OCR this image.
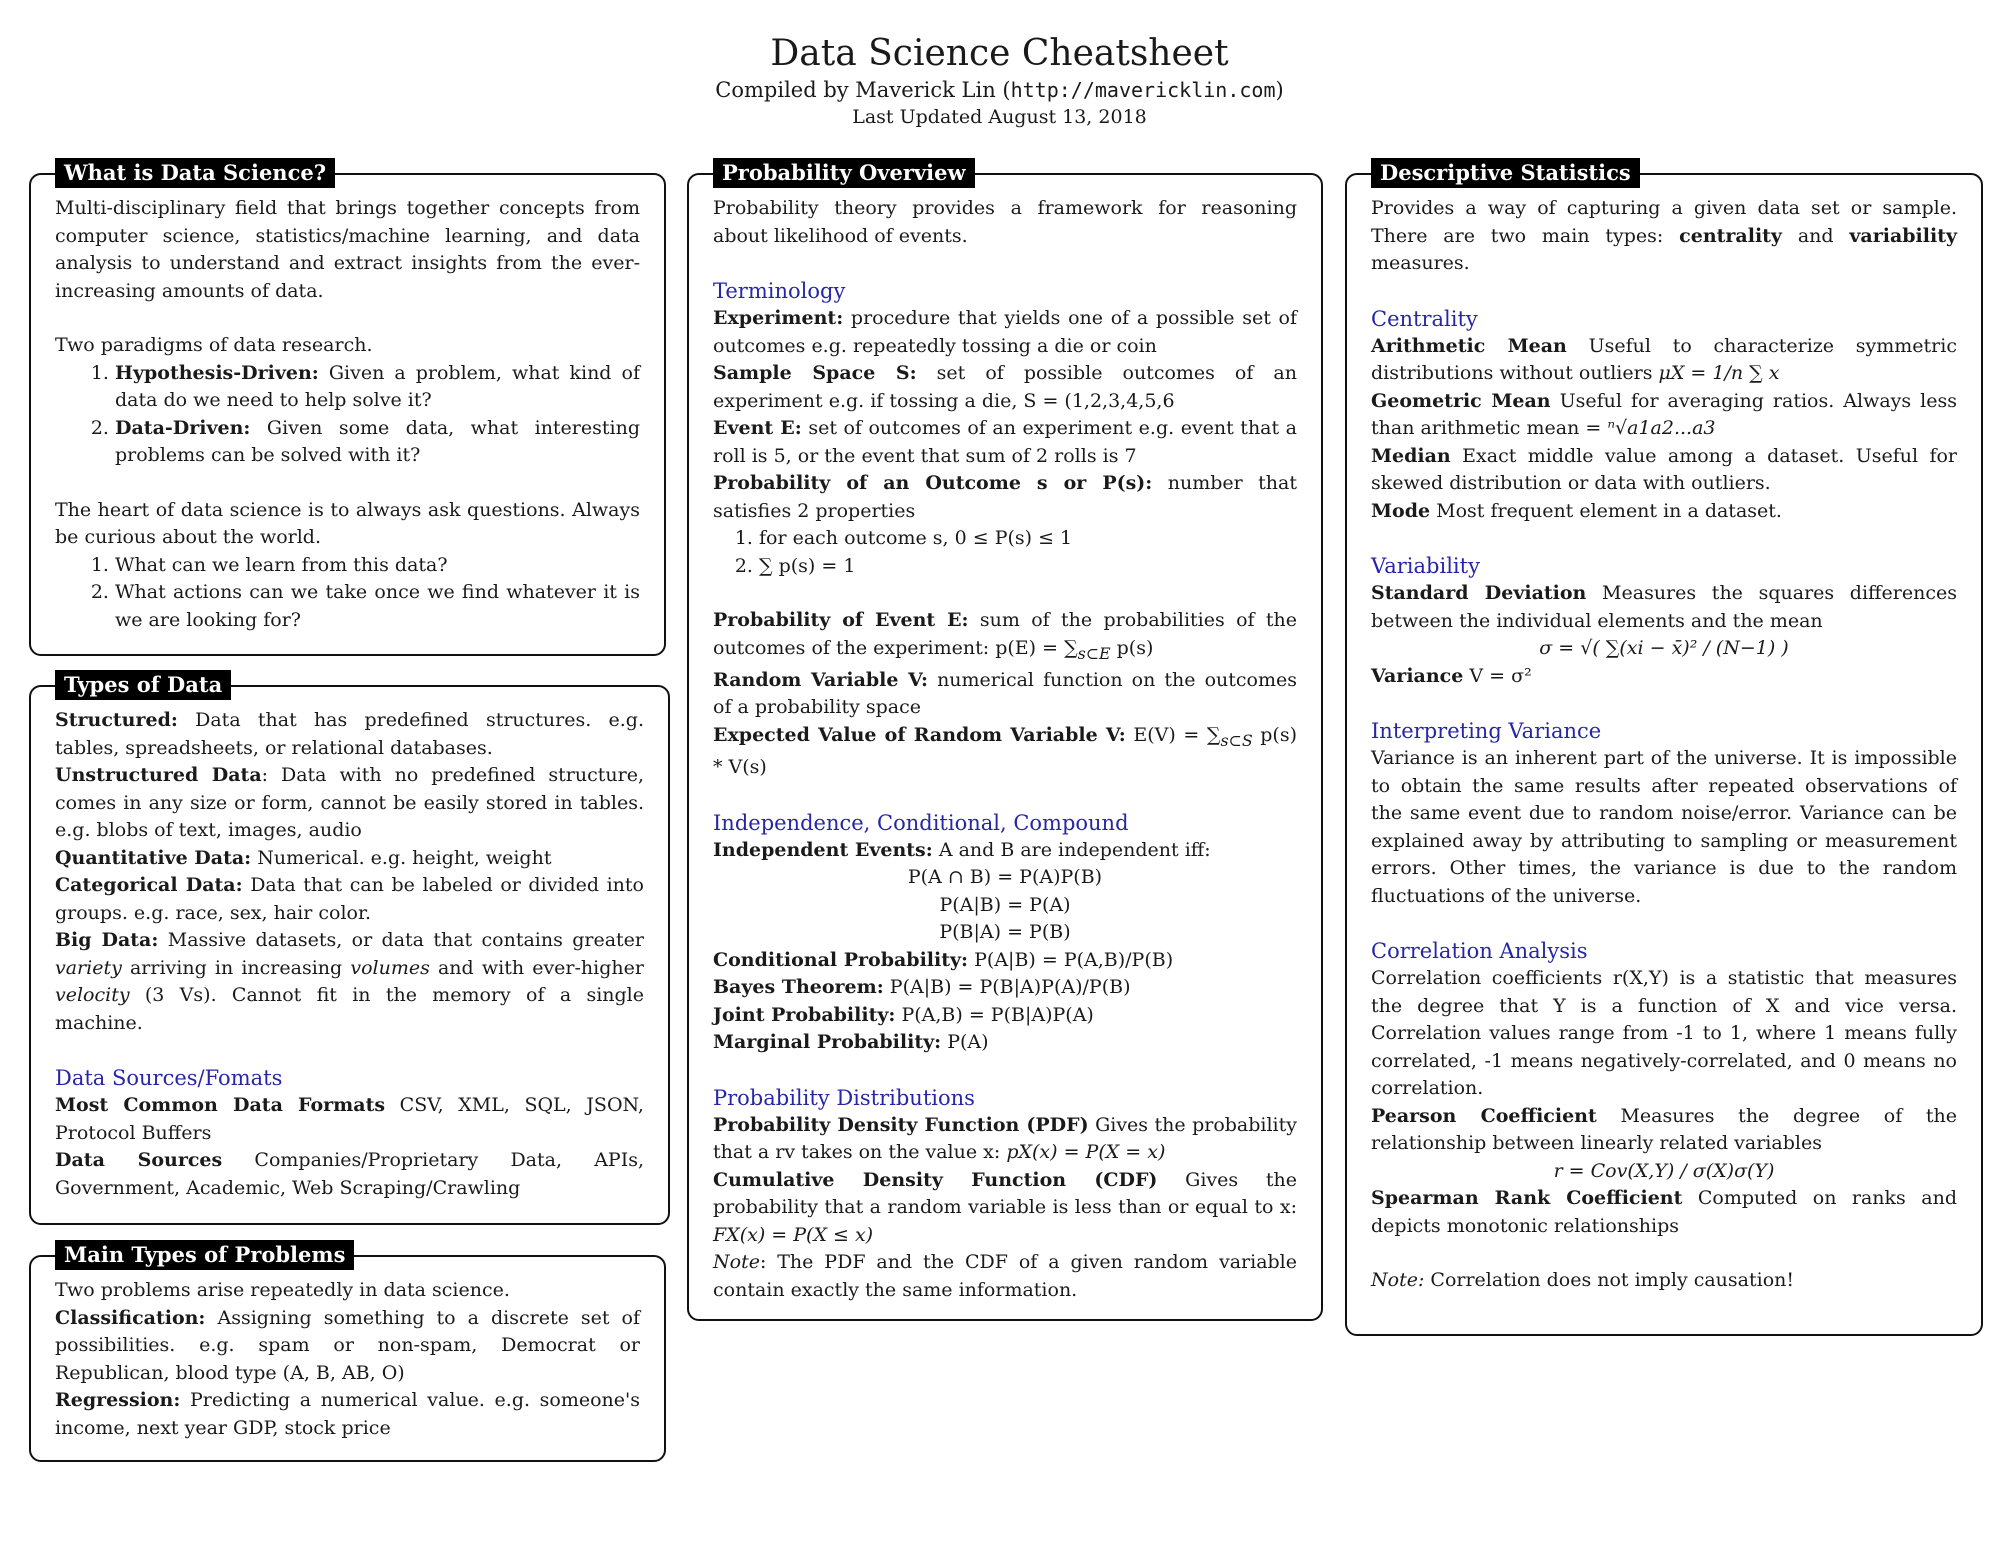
Data Science Cheatsheet
Compiled by Maverick Lin (http://mavericklin.com)
Last Updated August 13, 2018
What is Data Science?

Multi-disciplinary field that brings together concepts from computer science, statistics/machine learning, and data analysis to understand and extract insights from the ever-increasing amounts of data.

Two paradigms of data research.

1. Hypothesis-Driven: Given a problem, what kind of data do we need to help solve it?
2. Data-Driven: Given some data, what interesting problems can be solved with it?

The heart of data science is to always ask questions. Always be curious about the world.

1. What can we learn from this data?
2. What actions can we take once we find whatever it is we are looking for?
Types of Data

Structured: Data that has predefined structures. e.g. tables, spreadsheets, or relational databases.

Unstructured Data: Data with no predefined structure, comes in any size or form, cannot be easily stored in tables. e.g. blobs of text, images, audio

Quantitative Data: Numerical. e.g. height, weight

Categorical Data: Data that can be labeled or divided into groups. e.g. race, sex, hair color.

Big Data: Massive datasets, or data that contains greater variety arriving in increasing volumes and with ever-higher velocity (3 Vs). Cannot fit in the memory of a single machine.

Data Sources/Fomats

Most Common Data Formats CSV, XML, SQL, JSON, Protocol Buffers

Data Sources Companies/Proprietary Data, APIs, Government, Academic, Web Scraping/Crawling

Main Types of Problems

Two problems arise repeatedly in data science.

Classification: Assigning something to a discrete set of possibilities. e.g. spam or non-spam, Democrat or Republican, blood type (A, B, AB, O)

Regression: Predicting a numerical value. e.g. someone's income, next year GDP, stock price

Probability Overview

Probability theory provides a framework for reasoning about likelihood of events.

Terminology

Experiment: procedure that yields one of a possible set of outcomes e.g. repeatedly tossing a die or coin

Sample Space S: set of possible outcomes of an experiment e.g. if tossing a die, S = (1,2,3,4,5,6

Event E: set of outcomes of an experiment e.g. event that a roll is 5, or the event that sum of 2 rolls is 7

Probability of an Outcome s or P(s): number that satisfies 2 properties

1. for each outcome s, 0 ≤ P(s) ≤ 1
2. ∑ p(s) = 1

Probability of Event E: sum of the probabilities of the outcomes of the experiment: $p(E) = \sum_{s\subset E}$ p(s)

Random Variable V: numerical function on the outcomes of a probability space

Expected Value of Random Variable V: $E(V) = \sum_{s\subset S}$ p(s) * V(s)

Independence, Conditional, Compound

Independent Events: A and B are independent iff:

P(A ∩ B) = P(A)P(B)

P(A|B) = P(A)

P(B|A) = P(B)

Conditional Probability: P(A|B) = P(A,B)/P(B)

Bayes Theorem: P(A|B) = P(B|A)P(A)/P(B)

Joint Probability: P(A,B) = P(B|A)P(A)

Marginal Probability: P(A)

Probability Distributions

Probability Density Function (PDF) Gives the probability that a rv takes on the value x: pX(x) = P(X = x)

Cumulative Density Function (CDF) Gives the probability that a random variable is less than or equal to x: FX(x) = P(X ≤ x)

Note: The PDF and the CDF of a given random variable contain exactly the same information.

Descriptive Statistics

Provides a way of capturing a given data set or sample. There are two main types: centrality and variability measures.

Centrality

Arithmetic Mean Useful to characterize symmetric distributions without outliers μX = 1/n ∑ x

Geometric Mean Useful for averaging ratios. Always less than arithmetic mean = ⁿ√a1a2...a3

Median Exact middle value among a dataset. Useful for skewed distribution or data with outliers.

Mode Most frequent element in a dataset.

Variability

Standard Deviation Measures the squares differences between the individual elements and the mean

σ = √( ∑(xi − x̄)² / (N−1) )

Variance V = σ²

Interpreting Variance

Variance is an inherent part of the universe. It is impossible to obtain the same results after repeated observations of the same event due to random noise/error. Variance can be explained away by attributing to sampling or measurement errors. Other times, the variance is due to the random fluctuations of the universe.

Correlation Analysis

Correlation coefficients r(X,Y) is a statistic that measures the degree that Y is a function of X and vice versa. Correlation values range from -1 to 1, where 1 means fully correlated, -1 means negatively-correlated, and 0 means no correlation.

Pearson Coefficient Measures the degree of the relationship between linearly related variables

r = Cov(X,Y) / σ(X)σ(Y)

Spearman Rank Coefficient Computed on ranks and depicts monotonic relationships

Note: Correlation does not imply causation!
